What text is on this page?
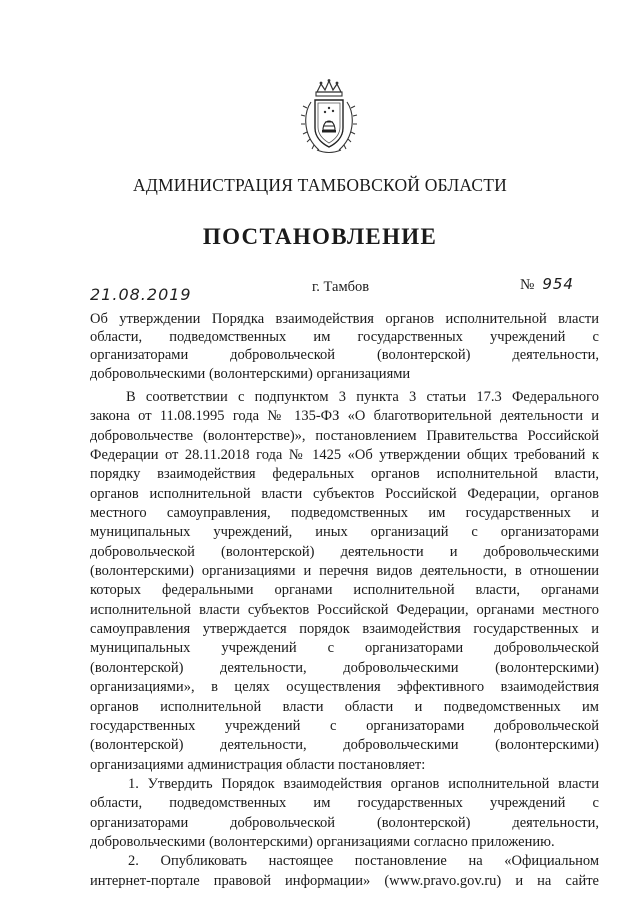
АДМИНИСТРАЦИЯ ТАМБОВСКОЙ ОБЛАСТИ
ПОСТАНОВЛЕНИЕ
21.08.2019	г. Тамбов	№ 954
Об утверждении Порядка взаимодействия органов исполнительной власти
области, подведомственных им государственных учреждений с
организаторами добровольческой (волонтерской) деятельности,
добровольческими (волонтерскими) организациями
В соответствии с подпунктом 3 пункта 3 статьи 17.3 Федерального
закона от 11.08.1995 года № 135-ФЗ «О благотворительной деятельности и
добровольчестве (волонтерстве)», постановлением Правительства Российской
Федерации от 28.11.2018 года № 1425 «Об утверждении общих требований к
порядку взаимодействия федеральных органов исполнительной власти,
органов исполнительной власти субъектов Российской Федерации, органов
местного самоуправления, подведомственных им государственных и
муниципальных учреждений, иных организаций с организаторами
добровольческой (волонтерской) деятельности и добровольческими
(волонтерскими) организациями и перечня видов деятельности, в отношении
которых федеральными органами исполнительной власти, органами
исполнительной власти субъектов Российской Федерации, органами местного
самоуправления утверждается порядок взаимодействия государственных и
муниципальных учреждений с организаторами добровольческой
(волонтерской) деятельности, добровольческими (волонтерскими)
организациями», в целях осуществления эффективного взаимодействия
органов исполнительной власти области и подведомственных им
государственных учреждений с организаторами добровольческой
(волонтерской) деятельности, добровольческими (волонтерскими)
организациями администрация области постановляет:
1. Утвердить Порядок взаимодействия органов исполнительной власти
области, подведомственных им государственных учреждений с
организаторами добровольческой (волонтерской) деятельности,
добровольческими (волонтерскими) организациями согласно приложению.
2. Опубликовать настоящее постановление на «Официальном
интернет-портале правовой информации» (www.pravo.gov.ru) и на сайте
